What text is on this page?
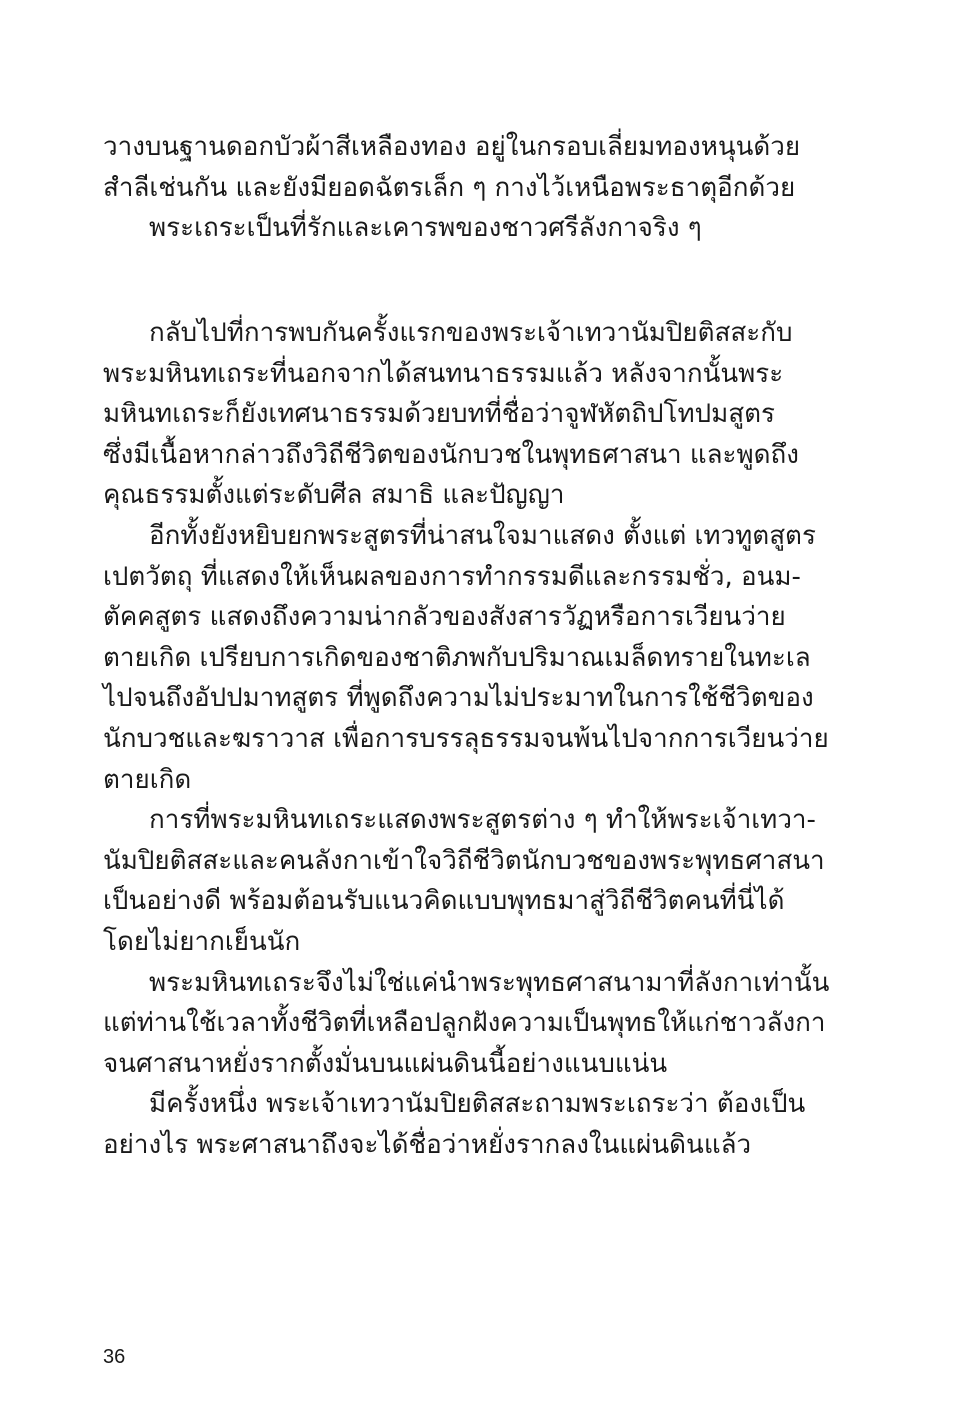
วางบนฐานดอกบัวผ้าสีเหลืองทอง อยู่ในกรอบเลี่ยมทองหนุนด้วย
สำลีเช่นกัน และยังมียอดฉัตรเล็ก ๆ กางไว้เหนือพระธาตุอีกด้วย
พระเถระเป็นที่รักและเคารพของชาวศรีลังกาจริง ๆ
กลับไปที่การพบกันครั้งแรกของพระเจ้าเทวานัมปิยติสสะกับ
พระมหินทเถระที่นอกจากได้สนทนาธรรมแล้ว หลังจากนั้นพระ
มหินทเถระก็ยังเทศนาธรรมด้วยบทที่ชื่อว่าจูฬหัตถิปโทปมสูตร
ซึ่งมีเนื้อหากล่าวถึงวิถีชีวิตของนักบวชในพุทธศาสนา และพูดถึง
คุณธรรมตั้งแต่ระดับศีล สมาธิ และปัญญา
อีกทั้งยังหยิบยกพระสูตรที่น่าสนใจมาแสดง ตั้งแต่ เทวทูตสูตร
เปตวัตถุ ที่แสดงให้เห็นผลของการทำกรรมดีและกรรมชั่ว, อนม-
ตัคคสูตร แสดงถึงความน่ากลัวของสังสารวัฏหรือการเวียนว่าย
ตายเกิด เปรียบการเกิดของชาติภพกับปริมาณเมล็ดทรายในทะเล
ไปจนถึงอัปปมาทสูตร ที่พูดถึงความไม่ประมาทในการใช้ชีวิตของ
นักบวชและฆราวาส เพื่อการบรรลุธรรมจนพ้นไปจากการเวียนว่าย
ตายเกิด
การที่พระมหินทเถระแสดงพระสูตรต่าง ๆ ทำให้พระเจ้าเทวา-
นัมปิยติสสะและคนลังกาเข้าใจวิถีชีวิตนักบวชของพระพุทธศาสนา
เป็นอย่างดี พร้อมต้อนรับแนวคิดแบบพุทธมาสู่วิถีชีวิตคนที่นี่ได้
โดยไม่ยากเย็นนัก
พระมหินทเถระจึงไม่ใช่แค่นำพระพุทธศาสนามาที่ลังกาเท่านั้น
แต่ท่านใช้เวลาทั้งชีวิตที่เหลือปลูกฝังความเป็นพุทธให้แก่ชาวลังกา
จนศาสนาหยั่งรากตั้งมั่นบนแผ่นดินนี้อย่างแนบแน่น
มีครั้งหนึ่ง พระเจ้าเทวานัมปิยติสสะถามพระเถระว่า ต้องเป็น
อย่างไร พระศาสนาถึงจะได้ชื่อว่าหยั่งรากลงในแผ่นดินแล้ว
36
